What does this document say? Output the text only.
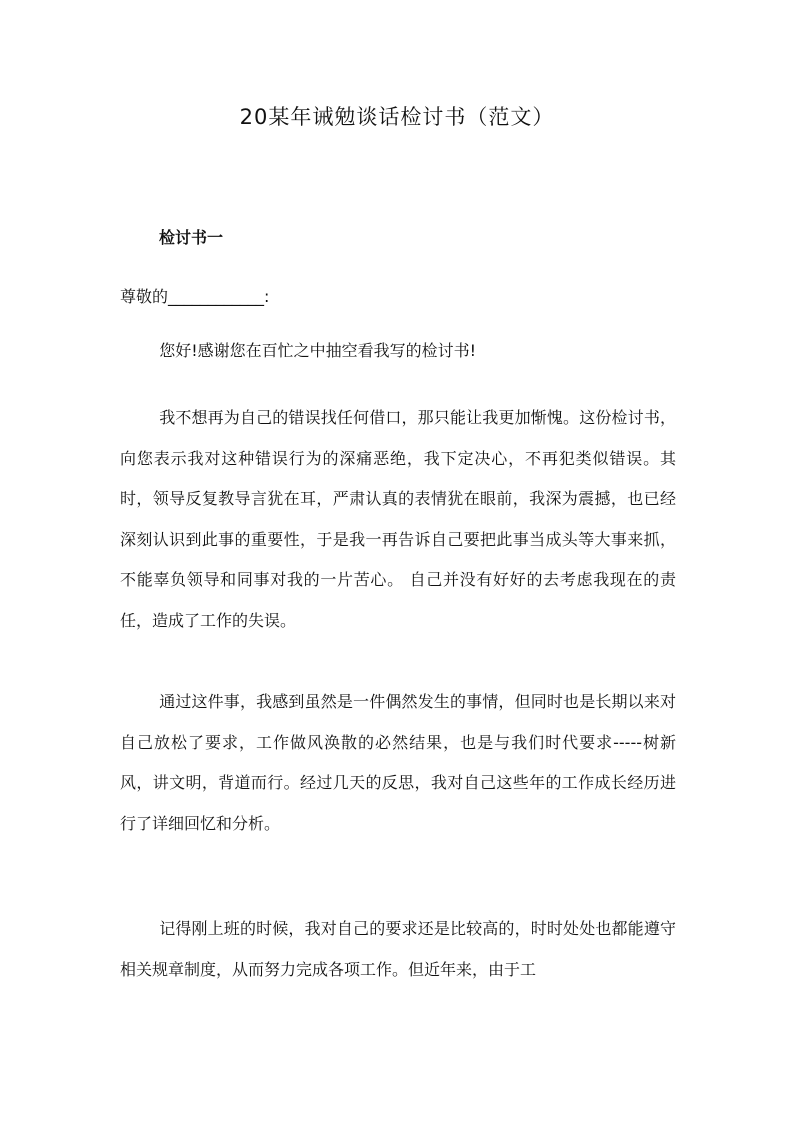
20某年诫勉谈话检讨书（范文）
检讨书一
尊敬的____________:

您好!感谢您在百忙之中抽空看我写的检讨书!

我不想再为自己的错误找任何借口，那只能让我更加惭愧。这份检讨书，向您表示我对这种错误行为的深痛恶绝，我下定决心，不再犯类似错误。其时，领导反复教导言犹在耳，严肃认真的表情犹在眼前，我深为震撼，也已经深刻认识到此事的重要性，于是我一再告诉自己要把此事当成头等大事来抓，不能辜负领导和同事对我的一片苦心。 自己并没有好好的去考虑我现在的责任，造成了工作的失误。

通过这件事，我感到虽然是一件偶然发生的事情，但同时也是长期以来对自己放松了要求，工作做风涣散的必然结果，也是与我们时代要求-----树新风，讲文明，背道而行。经过几天的反思，我对自己这些年的工作成长经历进行了详细回忆和分析。

记得刚上班的时候，我对自己的要求还是比较高的，时时处处也都能遵守相关规章制度，从而努力完成各项工作。但近年来，由于工
